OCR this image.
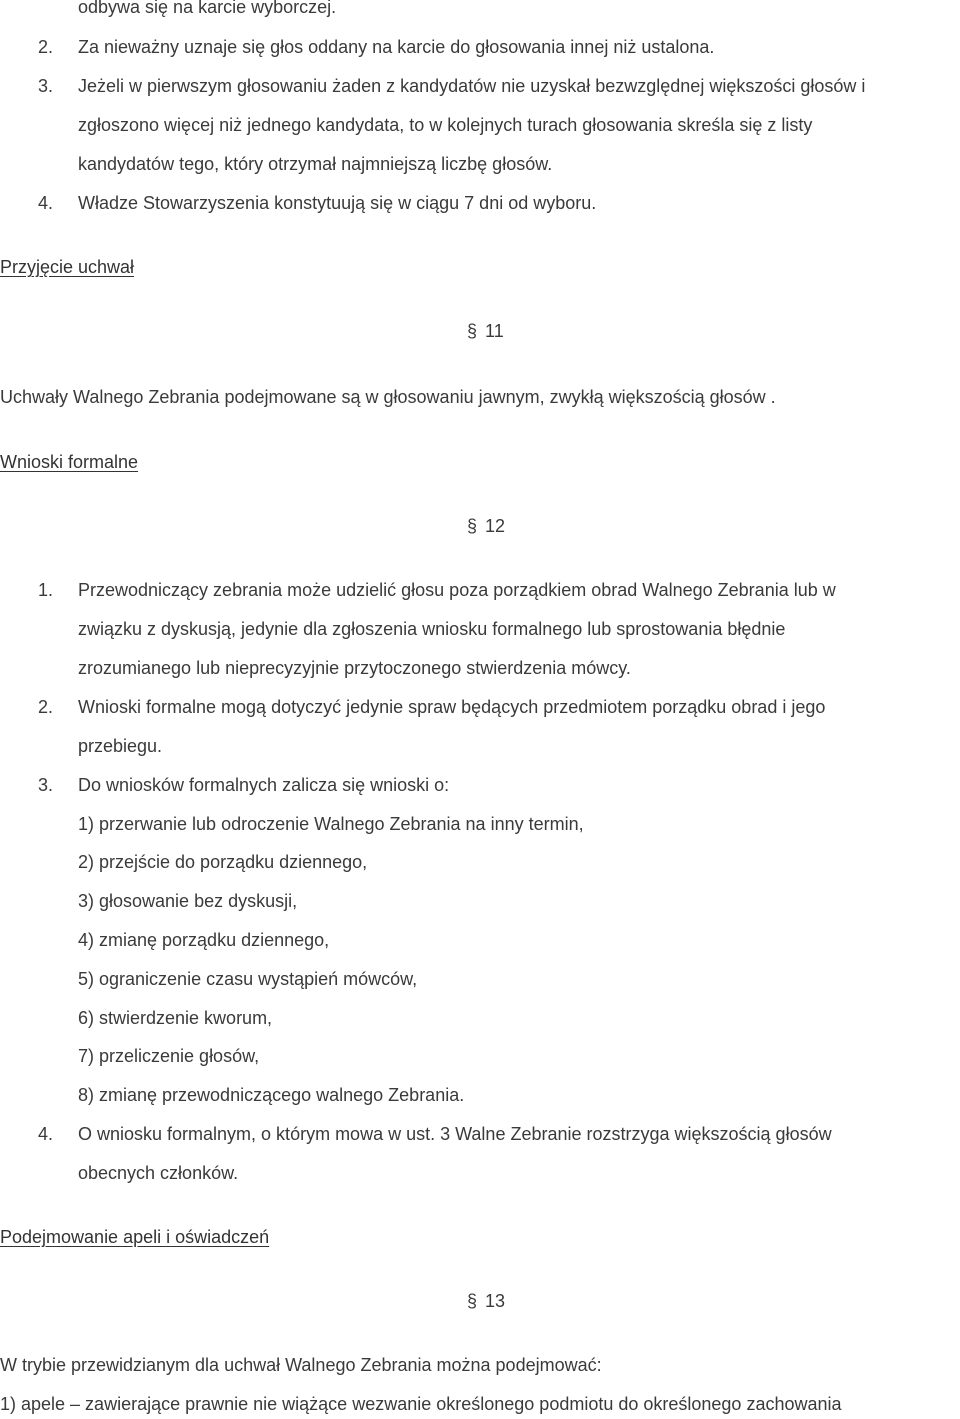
odbywa się na karcie wyborczej.
2.	Za nieważny uznaje się głos oddany na karcie do głosowania innej niż ustalona.
3.	Jeżeli w pierwszym głosowaniu żaden z kandydatów nie uzyskał bezwzględnej większości głosów i
zgłoszono więcej niż jednego kandydata, to w kolejnych turach głosowania skreśla się z listy
kandydatów tego, który otrzymał najmniejszą liczbę głosów.
4.	Władze Stowarzyszenia konstytuują się w ciągu 7 dni od wyboru.
Przyjęcie uchwał
§ 11
Uchwały Walnego Zebrania podejmowane są w głosowaniu jawnym, zwykłą większością głosów .
Wnioski formalne
§ 12
1.	Przewodniczący zebrania może udzielić głosu poza porządkiem obrad Walnego Zebrania lub w
związku z dyskusją, jedynie dla zgłoszenia wniosku formalnego lub sprostowania błędnie
zrozumianego lub nieprecyzyjnie przytoczonego stwierdzenia mówcy.
2.	Wnioski formalne mogą dotyczyć jedynie spraw będących przedmiotem porządku obrad i jego
przebiegu.
3.	Do wniosków formalnych zalicza się wnioski o:
1) przerwanie lub odroczenie Walnego Zebrania na inny termin,
2) przejście do porządku dziennego,
3) głosowanie bez dyskusji,
4) zmianę porządku dziennego,
5) ograniczenie czasu wystąpień mówców,
6) stwierdzenie kworum,
7) przeliczenie głosów,
8) zmianę przewodniczącego walnego Zebrania.
4.	O wniosku formalnym, o którym mowa w ust. 3 Walne Zebranie rozstrzyga większością głosów
obecnych członków.
Podejmowanie apeli i oświadczeń
§ 13
W trybie przewidzianym dla uchwał Walnego Zebrania można podejmować:
1) apele – zawierające prawnie nie wiążące wezwanie określonego podmiotu do określonego zachowania
